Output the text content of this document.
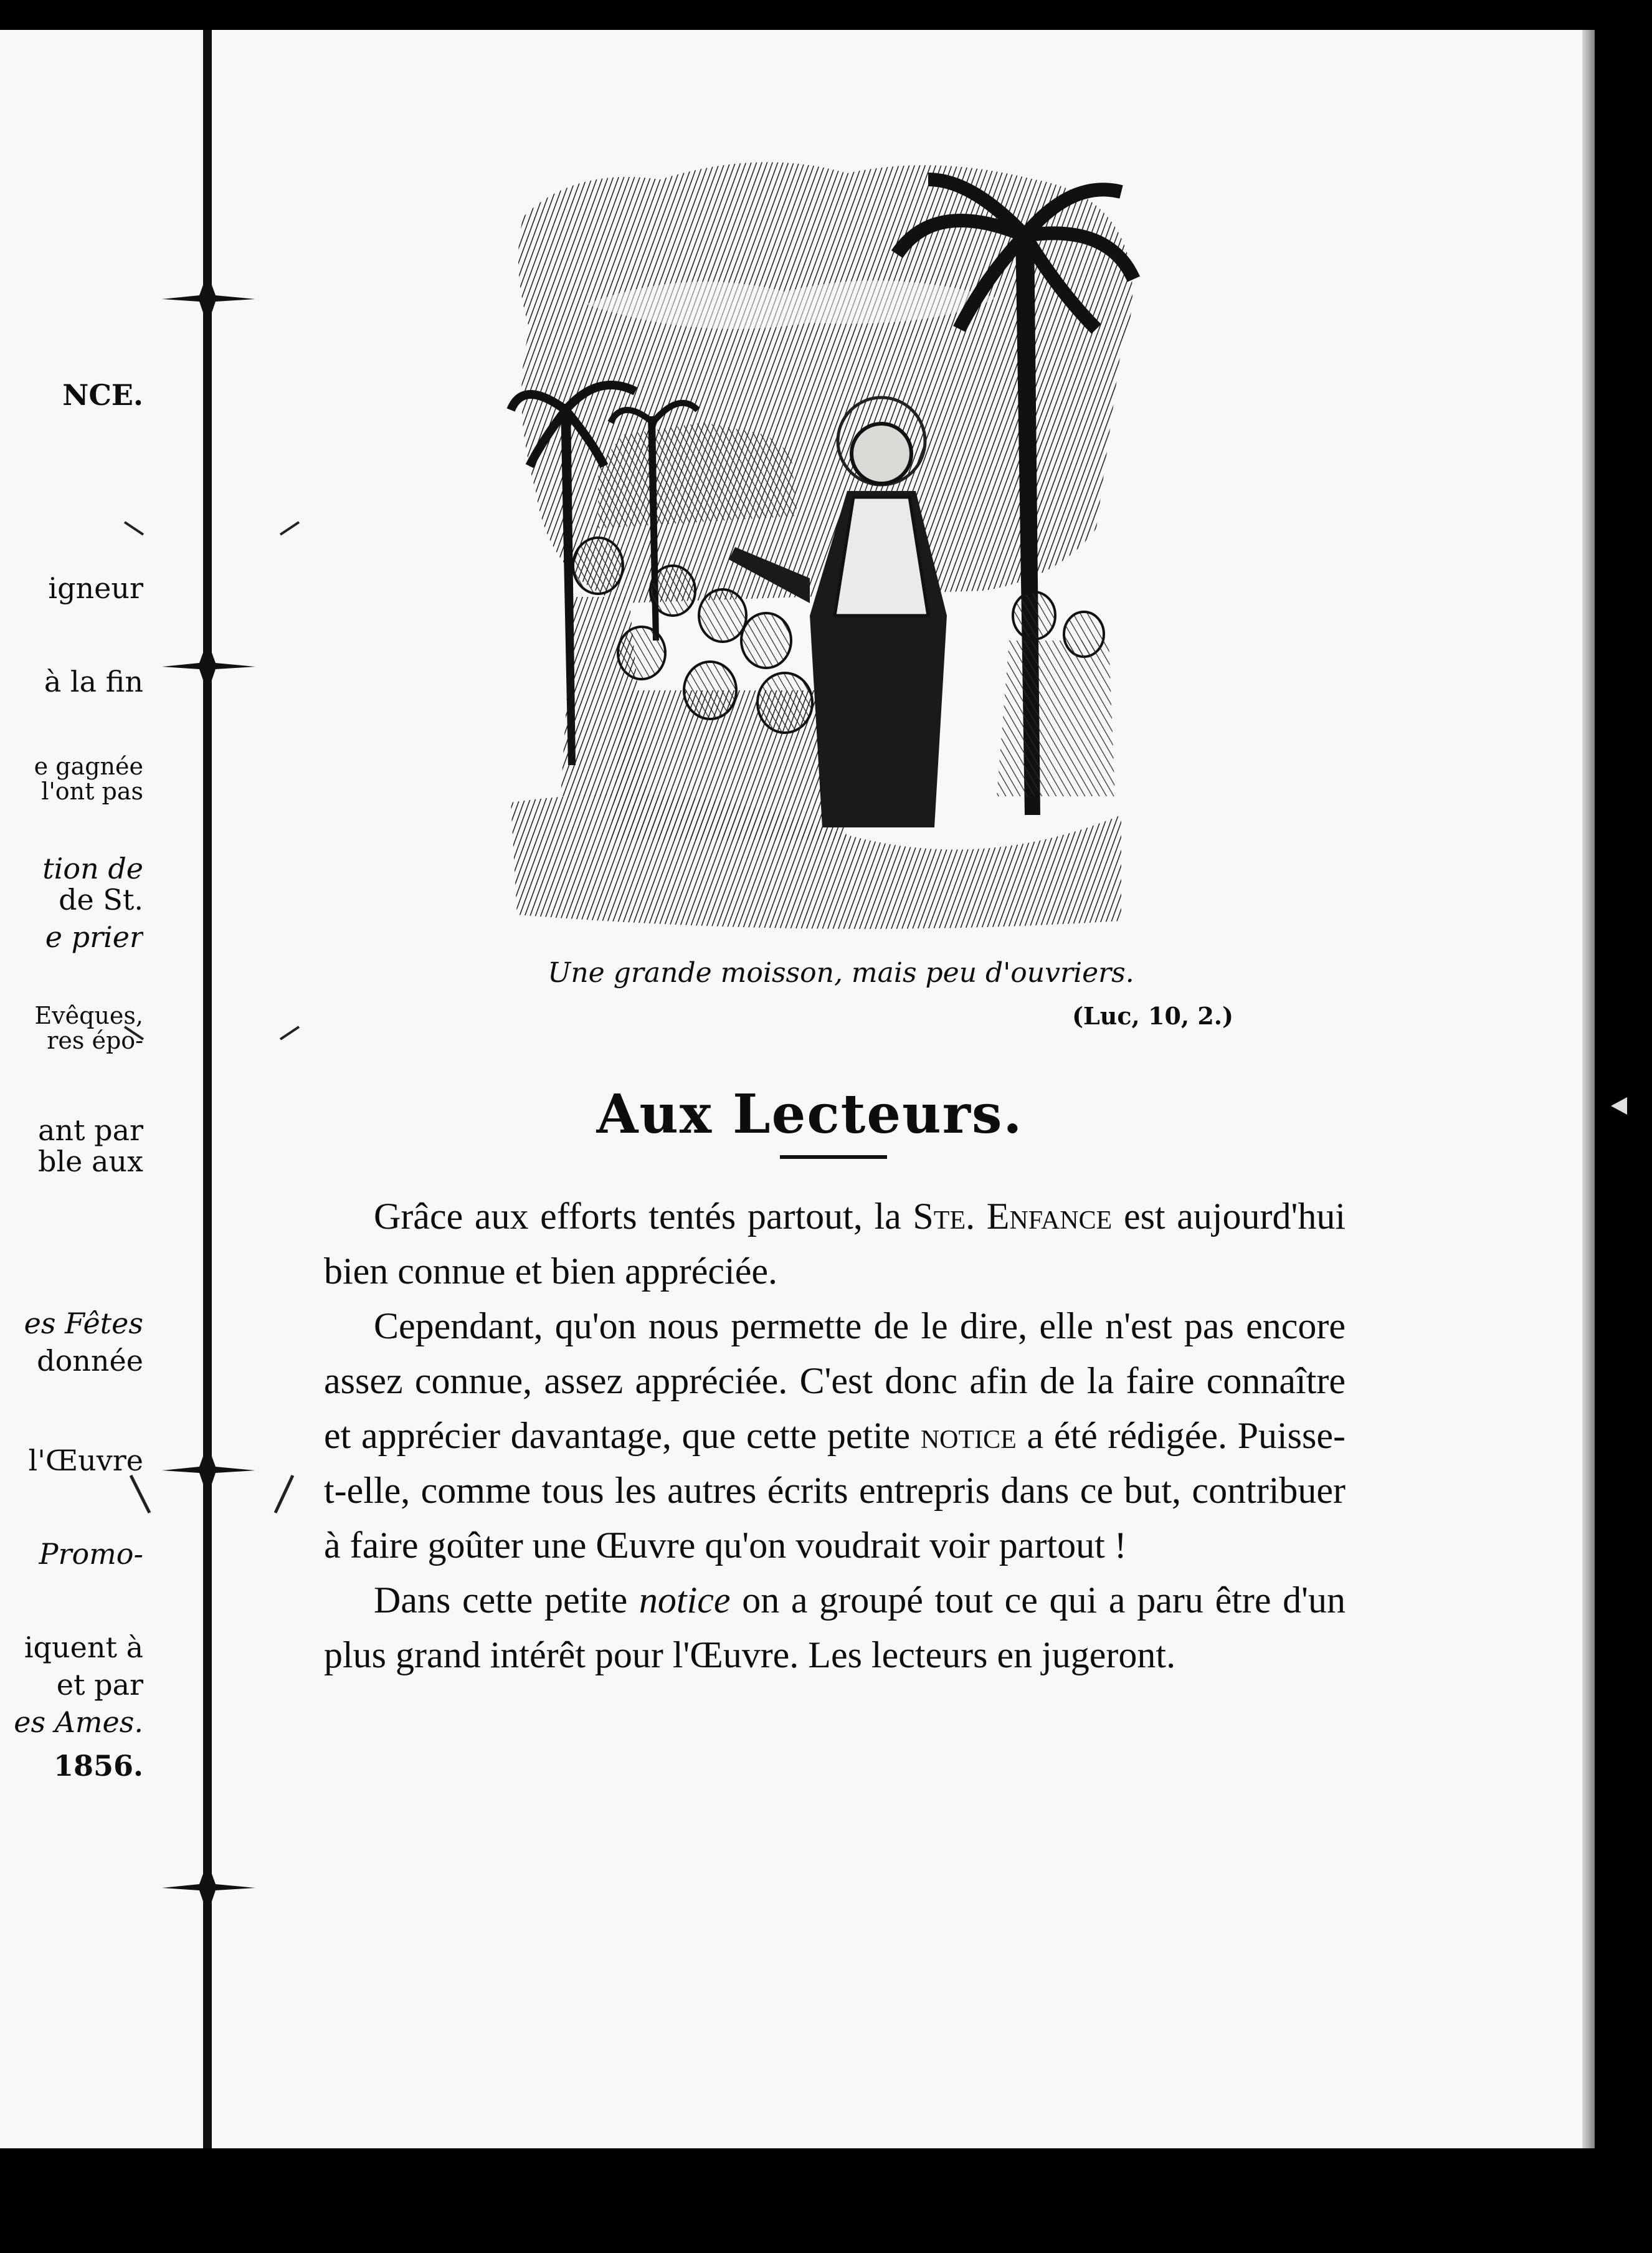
NCE.
igneur
à la fin
e gagnée
l'ont pas
tion de
de St.
e prier
Evêques,
res épo-
ant par
ble aux
es Fêtes
donnée
l'Œuvre
Promo-
iquent à
et par
es Ames.
1856.
Une grande moisson, mais peu d'ouvriers.
(Luc, 10, 2.)
Aux Lecteurs.

Grâce aux efforts tentés partout, la Ste. Enfance est aujourd'hui bien connue et bien appréciée.

Cependant, qu'on nous permette de le dire, elle n'est pas encore assez connue, assez appréciée. C'est donc afin de la faire connaître et apprécier davantage, que cette petite notice a été rédigée. Puisse-t-elle, comme tous les autres écrits entrepris dans ce but, contribuer à faire goûter une Œuvre qu'on voudrait voir partout !

Dans cette petite notice on a groupé tout ce qui a paru être d'un plus grand intérêt pour l'Œuvre. Les lecteurs en jugeront.
